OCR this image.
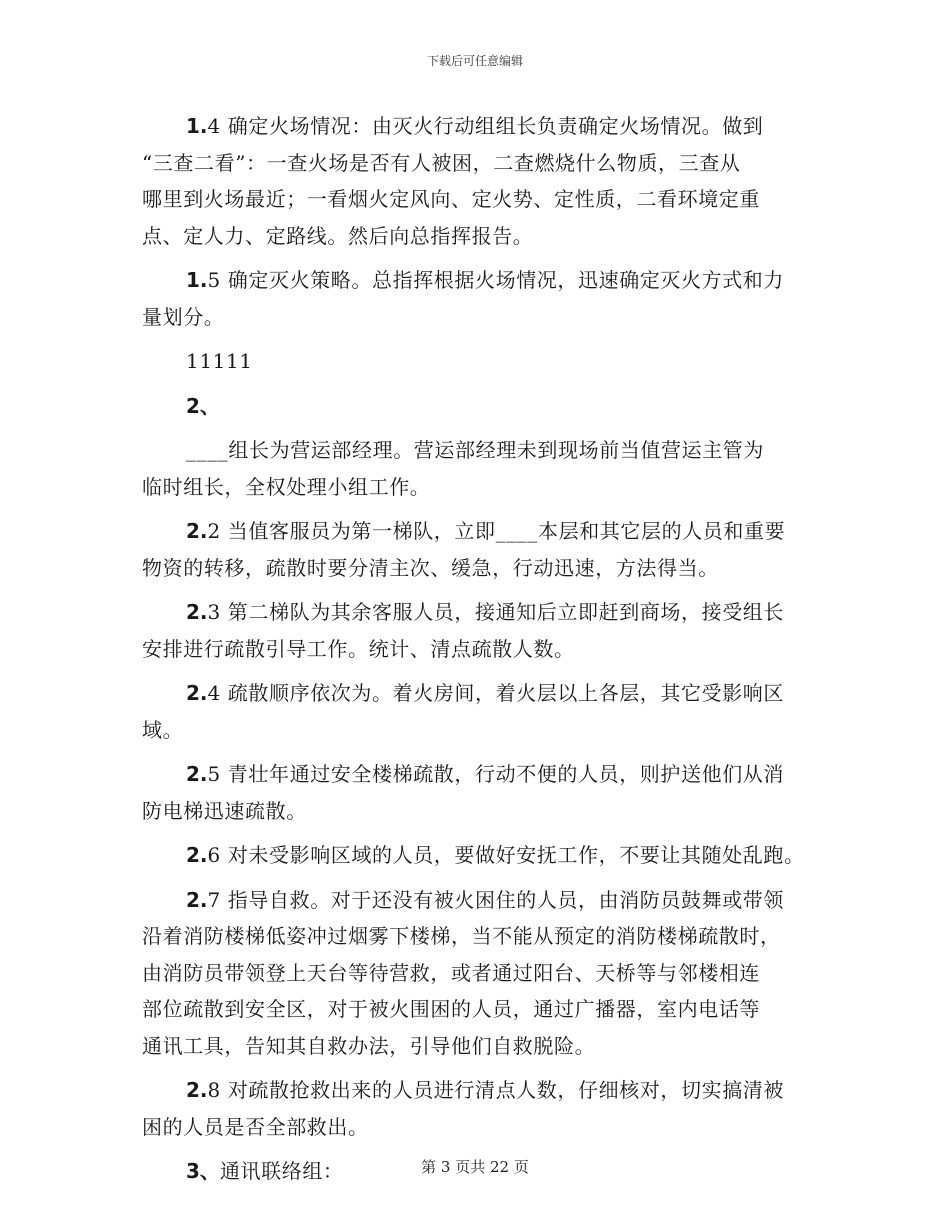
下载后可任意编辑
1.4 确定火场情况：由灭火行动组组长负责确定火场情况。做到
“三查二看”：一查火场是否有人被困，二查燃烧什么物质，三查从
哪里到火场最近；一看烟火定风向、定火势、定性质，二看环境定重
点、定人力、定路线。然后向总指挥报告。
1.5 确定灭火策略。总指挥根据火场情况，迅速确定灭火方式和力
量划分。
11111
2、
____组长为营运部经理。营运部经理未到现场前当值营运主管为
临时组长，全权处理小组工作。
2.2 当值客服员为第一梯队，立即____本层和其它层的人员和重要
物资的转移，疏散时要分清主次、缓急，行动迅速，方法得当。
2.3 第二梯队为其余客服人员，接通知后立即赶到商场，接受组长
安排进行疏散引导工作。统计、清点疏散人数。
2.4 疏散顺序依次为。着火房间，着火层以上各层，其它受影响区
域。
2.5 青壮年通过安全楼梯疏散，行动不便的人员，则护送他们从消
防电梯迅速疏散。
2.6 对未受影响区域的人员，要做好安抚工作，不要让其随处乱跑。
2.7 指导自救。对于还没有被火困住的人员，由消防员鼓舞或带领
沿着消防楼梯低姿冲过烟雾下楼梯，当不能从预定的消防楼梯疏散时，
由消防员带领登上天台等待营救，或者通过阳台、天桥等与邻楼相连
部位疏散到安全区，对于被火围困的人员，通过广播器，室内电话等
通讯工具，告知其自救办法，引导他们自救脱险。
2.8 对疏散抢救出来的人员进行清点人数，仔细核对，切实搞清被
困的人员是否全部救出。
3、通讯联络组：	第 3 页共 22 页
